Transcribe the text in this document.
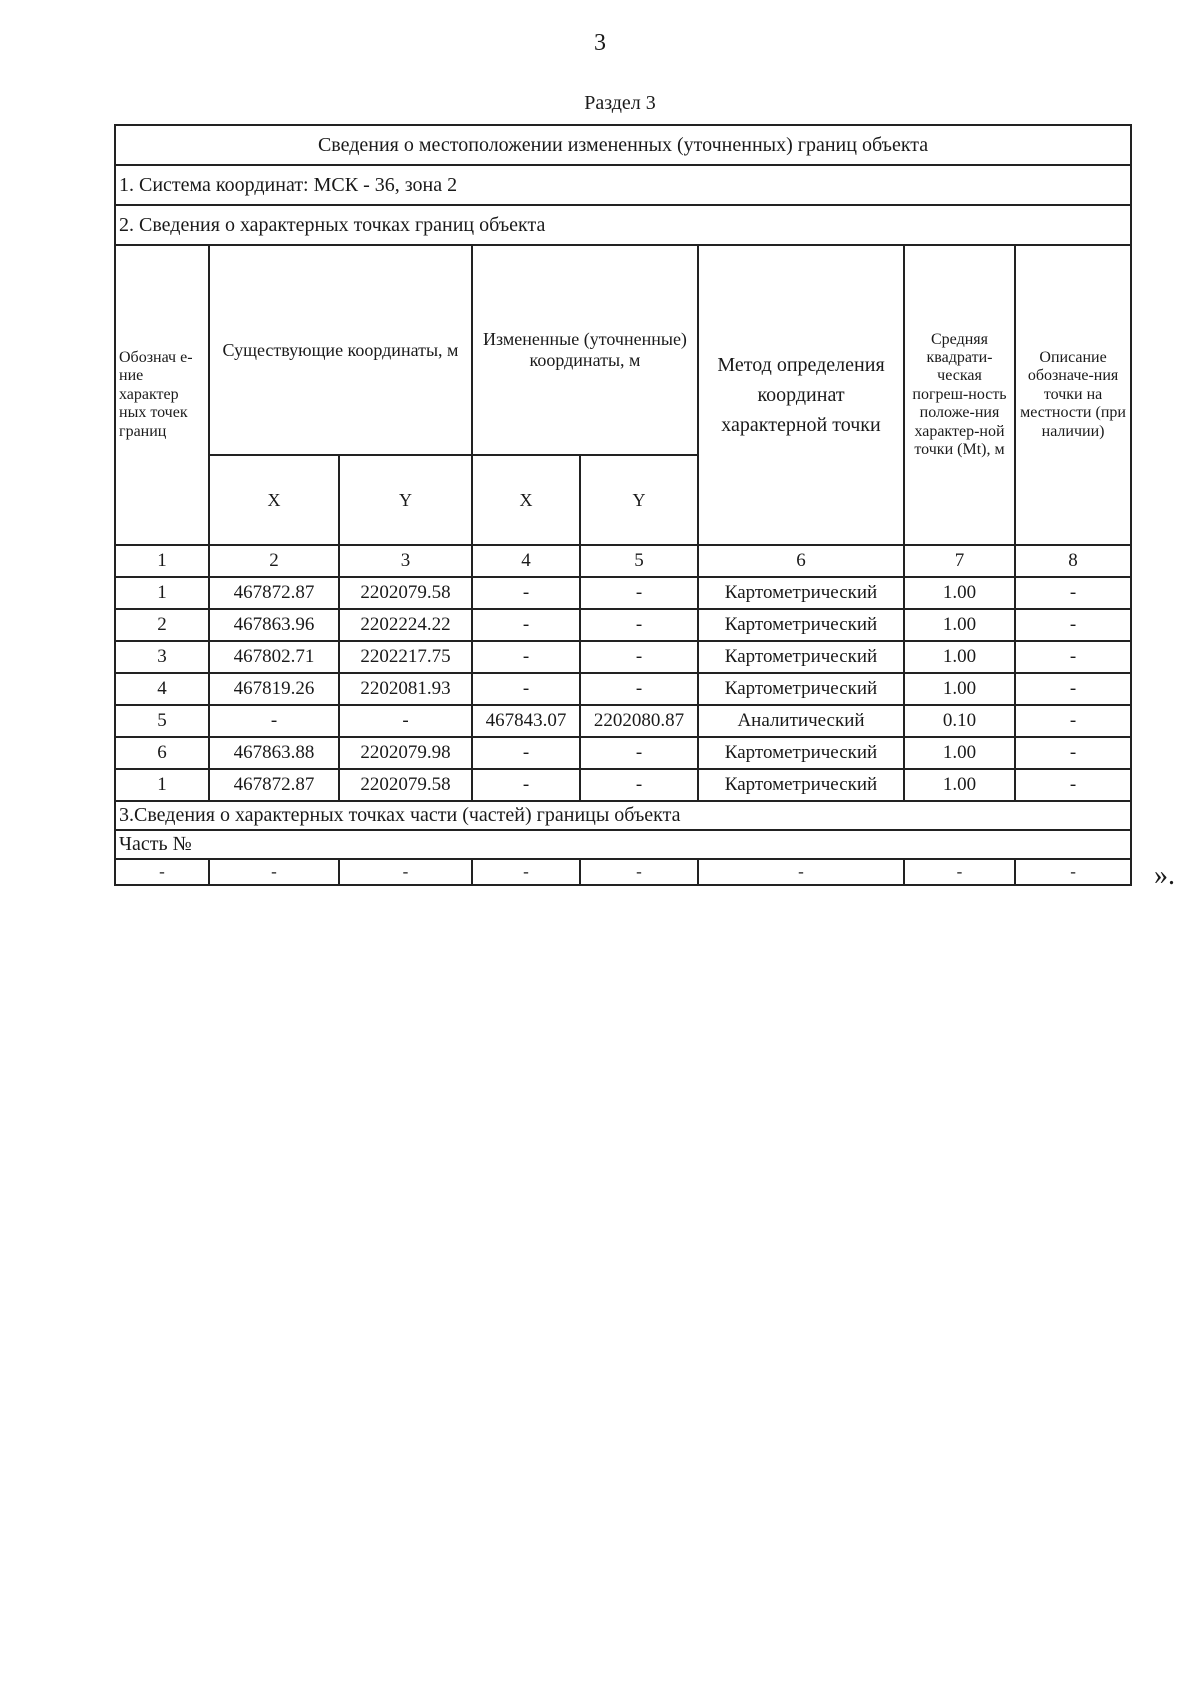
3
Раздел 3
Сведения о местоположении измененных (уточненных) границ объекта							
1. Система координат: МСК - 36, зона 2							
2. Сведения о характерных точках границ объекта							
Обознач е-ние характер ных точек границ	Существующие координаты, м		Измененные (уточненные) координаты, м		Метод определения координат характерной точки	Средняя квадрати-ческая погреш-ность положе-ния характер-ной точки (Mt), м	Описание обозначе-ния точки на местности (при наличии)
	X	Y	X	Y			
1	2	3	4	5	6	7	8
1	467872.87	2202079.58	-	-	Картометрический	1.00	-
2	467863.96	2202224.22	-	-	Картометрический	1.00	-
3	467802.71	2202217.75	-	-	Картометрический	1.00	-
4	467819.26	2202081.93	-	-	Картометрический	1.00	-
5	-	-	467843.07	2202080.87	Аналитический	0.10	-
6	467863.88	2202079.98	-	-	Картометрический	1.00	-
1	467872.87	2202079.58	-	-	Картометрический	1.00	-
3.Сведения о характерных точках части (частей) границы объекта							
Часть №							
-	-	-	-	-	-	-	-	».
